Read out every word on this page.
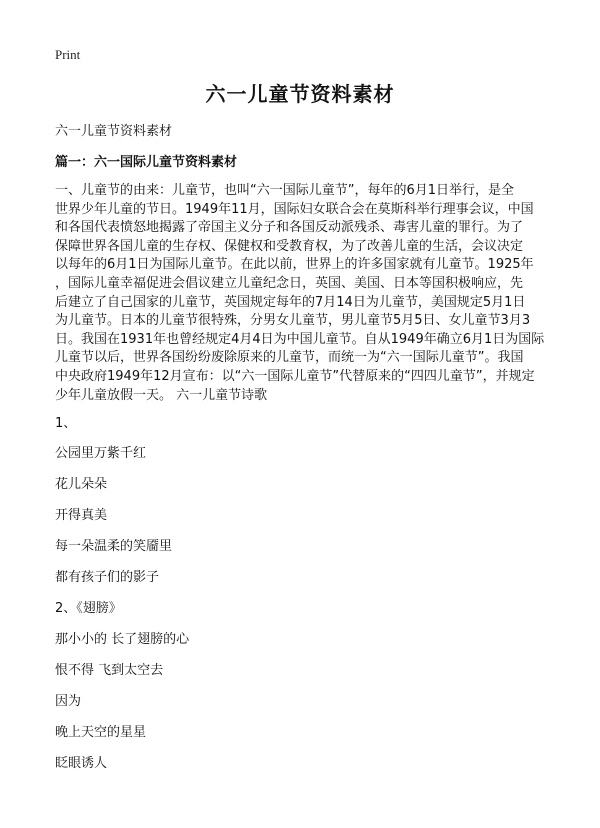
Print
六一儿童节资料素材
六一儿童节资料素材
篇一：六一国际儿童节资料素材
一、儿童节的由来：儿童节，也叫“六一国际儿童节”，每年的6月1日举行，是全
世界少年儿童的节日。1949年11月，国际妇女联合会在莫斯科举行理事会议，中国
和各国代表愤怒地揭露了帝国主义分子和各国反动派残杀、毒害儿童的罪行。为了
保障世界各国儿童的生存权、保健权和受教育权，为了改善儿童的生活，会议决定
以每年的6月1日为国际儿童节。在此以前，世界上的许多国家就有儿童节。1925年
，国际儿童幸福促进会倡议建立儿童纪念日，英国、美国、日本等国积极响应，先
后建立了自己国家的儿童节，英国规定每年的7月14日为儿童节，美国规定5月1日
为儿童节。日本的儿童节很特殊，分男女儿童节，男儿童节5月5日、女儿童节3月3
日。我国在1931年也曾经规定4月4日为中国儿童节。自从1949年确立6月1日为国际
儿童节以后，世界各国纷纷废除原来的儿童节，而统一为“六一国际儿童节”。我国
中央政府1949年12月宣布：以“六一国际儿童节”代替原来的“四四儿童节”，并规定
少年儿童放假一天。 六一儿童节诗歌
1、
公园里万紫千红
花儿朵朵
开得真美
每一朵温柔的笑靥里
都有孩子们的影子
2、《翅膀》
那小小的 长了翅膀的心
恨不得 飞到太空去
因为
晚上天空的星星
眨眼诱人
